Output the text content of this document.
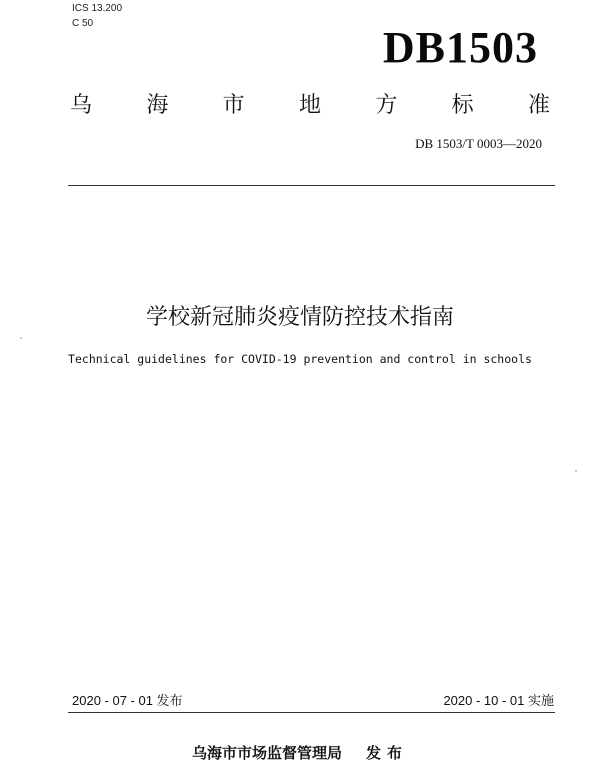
ICS 13.200
C 50	DB1503
乌 海 市 地 方 标 准
DB 1503/T 0003—2020
学校新冠肺炎疫情防控技术指南
Technical guidelines for COVID-19 prevention and control in schools
2020 - 07 - 01 发布	2020 - 10 - 01 实施
乌海市市场监督管理局 发布
